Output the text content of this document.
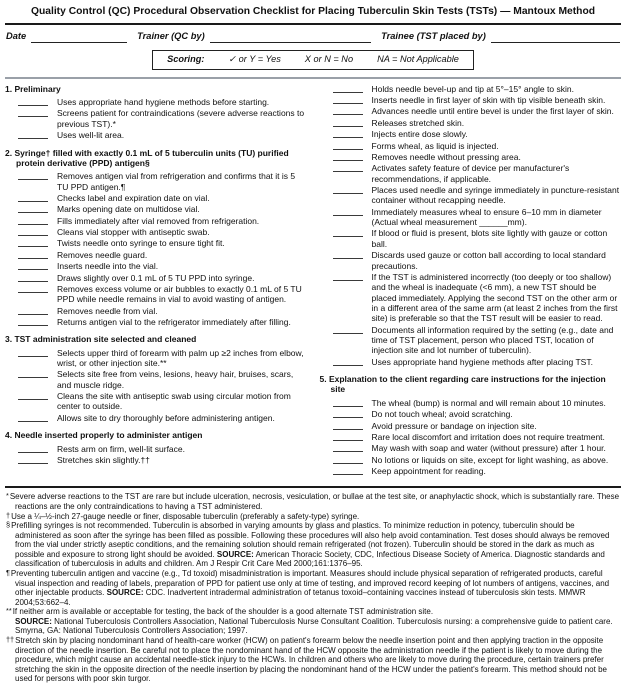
Quality Control (QC) Procedural Observation Checklist for Placing Tuberculin Skin Tests (TSTs) — Mantoux Method
Date	Trainer (QC by)	Trainee (TST placed by)
Scoring:	✓ or Y = Yes	X or N = No	NA = Not Applicable
1. Preliminary
Uses appropriate hand hygiene methods before starting.
Screens patient for contraindications (severe adverse reactions to previous TST).*
Uses well-lit area.
2. Syringe† filled with exactly 0.1 mL of 5 tuberculin units (TU) purified protein derivative (PPD) antigen§
Removes antigen vial from refrigeration and confirms that it is 5 TU PPD antigen.¶
Checks label and expiration date on vial.
Marks opening date on multidose vial.
Fills immediately after vial removed from refrigeration.
Cleans vial stopper with antiseptic swab.
Twists needle onto syringe to ensure tight fit.
Removes needle guard.
Inserts needle into the vial.
Draws slightly over 0.1 mL of 5 TU PPD into syringe.
Removes excess volume or air bubbles to exactly 0.1 mL of 5 TU PPD while needle remains in vial to avoid wasting of antigen.
Removes needle from vial.
Returns antigen vial to the refrigerator immediately after filling.
3. TST administration site selected and cleaned
Selects upper third of forearm with palm up ≥2 inches from elbow, wrist, or other injection site.**
Selects site free from veins, lesions, heavy hair, bruises, scars, and muscle ridge.
Cleans the site with antiseptic swab using circular motion from center to outside.
Allows site to dry thoroughly before administering antigen.
4. Needle inserted properly to administer antigen
Rests arm on firm, well-lit surface.
Stretches skin slightly.††
Holds needle bevel-up and tip at 5°–15° angle to skin.
Inserts needle in first layer of skin with tip visible beneath skin.
Advances needle until entire bevel is under the first layer of skin.
Releases stretched skin.
Injects entire dose slowly.
Forms wheal, as liquid is injected.
Removes needle without pressing area.
Activates safety feature of device per manufacturer's recommendations, if applicable.
Places used needle and syringe immediately in puncture-resistant container without recapping needle.
Immediately measures wheal to ensure 6–10 mm in diameter (Actual wheal measurement ______mm).
If blood or fluid is present, blots site lightly with gauze or cotton ball.
Discards used gauze or cotton ball according to local standard precautions.
If the TST is administered incorrectly (too deeply or too shallow) and the wheal is inadequate (<6 mm), a new TST should be placed immediately. Applying the second TST on the other arm or in a different area of the same arm (at least 2 inches from the first site) is preferable so that the TST result will be easier to read.
Documents all information required by the setting (e.g., date and time of TST placement, person who placed TST, location of injection site and lot number of tuberculin).
Uses appropriate hand hygiene methods after placing TST.
5. Explanation to the client regarding care instructions for the injection site
The wheal (bump) is normal and will remain about 10 minutes.
Do not touch wheal; avoid scratching.
Avoid pressure or bandage on injection site.
Rare local discomfort and irritation does not require treatment.
May wash with soap and water (without pressure) after 1 hour.
No lotions or liquids on site, except for light washing, as above.
Keep appointment for reading.
*Severe adverse reactions to the TST are rare but include ulceration, necrosis, vesiculation, or bullae at the test site, or anaphylactic shock, which is substantially rare. These reactions are the only contraindications to having a TST administered.
†Use a ¼–½-inch 27-gauge needle or finer, disposable tuberculin (preferably a safety-type) syringe.
§Prefilling syringes is not recommended. Tuberculin is absorbed in varying amounts by glass and plastics. To minimize reduction in potency, tuberculin should be administered as soon after the syringe has been filled as possible. Following these procedures will also help avoid contamination. Test doses should always be removed from the vial under strictly aseptic conditions, and the remaining solution should remain refrigerated (not frozen). Tuberculin should be stored in the dark as much as possible and exposure to strong light should be avoided. SOURCE: American Thoracic Society, CDC, Infectious Disease Society of America. Diagnostic standards and classification of tuberculosis in adults and children. Am J Respir Crit Care Med 2000;161:1376–95.
¶Preventing tuberculin antigen and vaccine (e.g., Td toxoid) misadministration is important. Measures should include physical separation of refrigerated products, careful visual inspection and reading of labels, preparation of PPD for patient use only at time of testing, and improved record keeping of lot numbers of antigens, vaccines, and other injectable products. SOURCE: CDC. Inadvertent intradermal administration of tetanus toxoid–containing vaccines instead of tuberculosis skin tests. MMWR 2004;53:662–4.
**If neither arm is available or acceptable for testing, the back of the shoulder is a good alternate TST administration site.
SOURCE: National Tuberculosis Controllers Association, National Tuberculosis Nurse Consultant Coalition. Tuberculosis nursing: a comprehensive guide to patient care. Smyrna, GA: National Tuberculosis Controllers Association; 1997.
††Stretch skin by placing nondominant hand of health-care worker (HCW) on patient's forearm below the needle insertion point and then applying traction in the opposite direction of the needle insertion. Be careful not to place the nondominant hand of the HCW opposite the administration needle if the patient is likely to move during the procedure, which might cause an accidental needle-stick injury to the HCWs. In children and others who are likely to move during the procedure, certain trainers prefer stretching the skin in the opposite direction of the needle insertion by placing the nondominant hand of the HCW under the patient's forearm. This method should not be used for persons with poor skin turgor.
